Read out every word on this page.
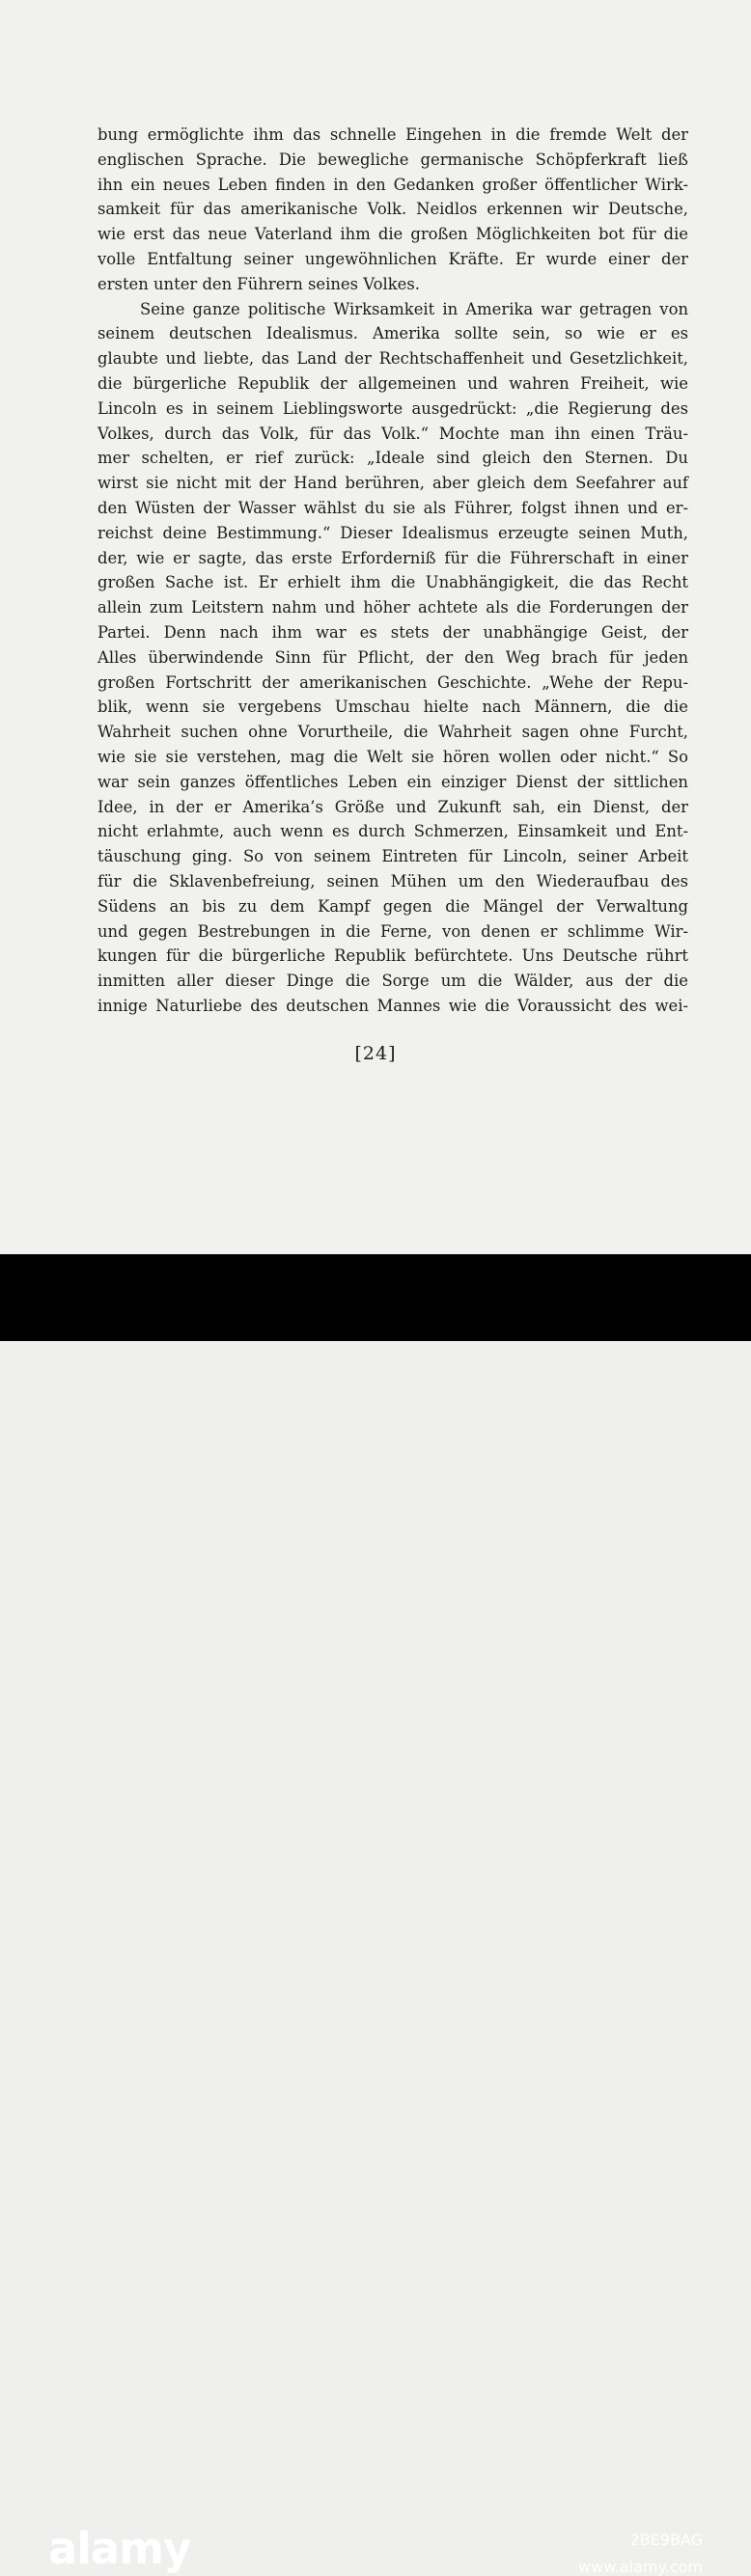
bung ermöglichte ihm das schnelle Eingehen in die fremde Welt der
englischen Sprache. Die bewegliche germanische Schöpferkraft ließ
ihn ein neues Leben finden in den Gedanken großer öffentlicher Wirk-
samkeit für das amerikanische Volk. Neidlos erkennen wir Deutsche,
wie erst das neue Vaterland ihm die großen Möglichkeiten bot für die
volle Entfaltung seiner ungewöhnlichen Kräfte. Er wurde einer der
ersten unter den Führern seines Volkes.
Seine ganze politische Wirksamkeit in Amerika war getragen von
seinem deutschen Idealismus. Amerika sollte sein, so wie er es
glaubte und liebte, das Land der Rechtschaffenheit und Gesetzlichkeit,
die bürgerliche Republik der allgemeinen und wahren Freiheit, wie
Lincoln es in seinem Lieblingsworte ausgedrückt: „die Regierung des
Volkes, durch das Volk, für das Volk.“ Mochte man ihn einen Träu-
mer schelten, er rief zurück: „Ideale sind gleich den Sternen. Du
wirst sie nicht mit der Hand berühren, aber gleich dem Seefahrer auf
den Wüsten der Wasser wählst du sie als Führer, folgst ihnen und er-
reichst deine Bestimmung.“ Dieser Idealismus erzeugte seinen Muth,
der, wie er sagte, das erste Erforderniß für die Führerschaft in einer
großen Sache ist. Er erhielt ihm die Unabhängigkeit, die das Recht
allein zum Leitstern nahm und höher achtete als die Forderungen der
Partei. Denn nach ihm war es stets der unabhängige Geist, der
Alles überwindende Sinn für Pflicht, der den Weg brach für jeden
großen Fortschritt der amerikanischen Geschichte. „Wehe der Repu-
blik, wenn sie vergebens Umschau hielte nach Männern, die die
Wahrheit suchen ohne Vorurtheile, die Wahrheit sagen ohne Furcht,
wie sie sie verstehen, mag die Welt sie hören wollen oder nicht.“ So
war sein ganzes öffentliches Leben ein einziger Dienst der sittlichen
Idee, in der er Amerika’s Größe und Zukunft sah, ein Dienst, der
nicht erlahmte, auch wenn es durch Schmerzen, Einsamkeit und Ent-
täuschung ging. So von seinem Eintreten für Lincoln, seiner Arbeit
für die Sklavenbefreiung, seinen Mühen um den Wiederaufbau des
Südens an bis zu dem Kampf gegen die Mängel der Verwaltung
und gegen Bestrebungen in die Ferne, von denen er schlimme Wir-
kungen für die bürgerliche Republik befürchtete. Uns Deutsche rührt
inmitten aller dieser Dinge die Sorge um die Wälder, aus der die
innige Naturliebe des deutschen Mannes wie die Voraussicht des wei-
[24]
alamy	2BE9BAG
www.alamy.com
